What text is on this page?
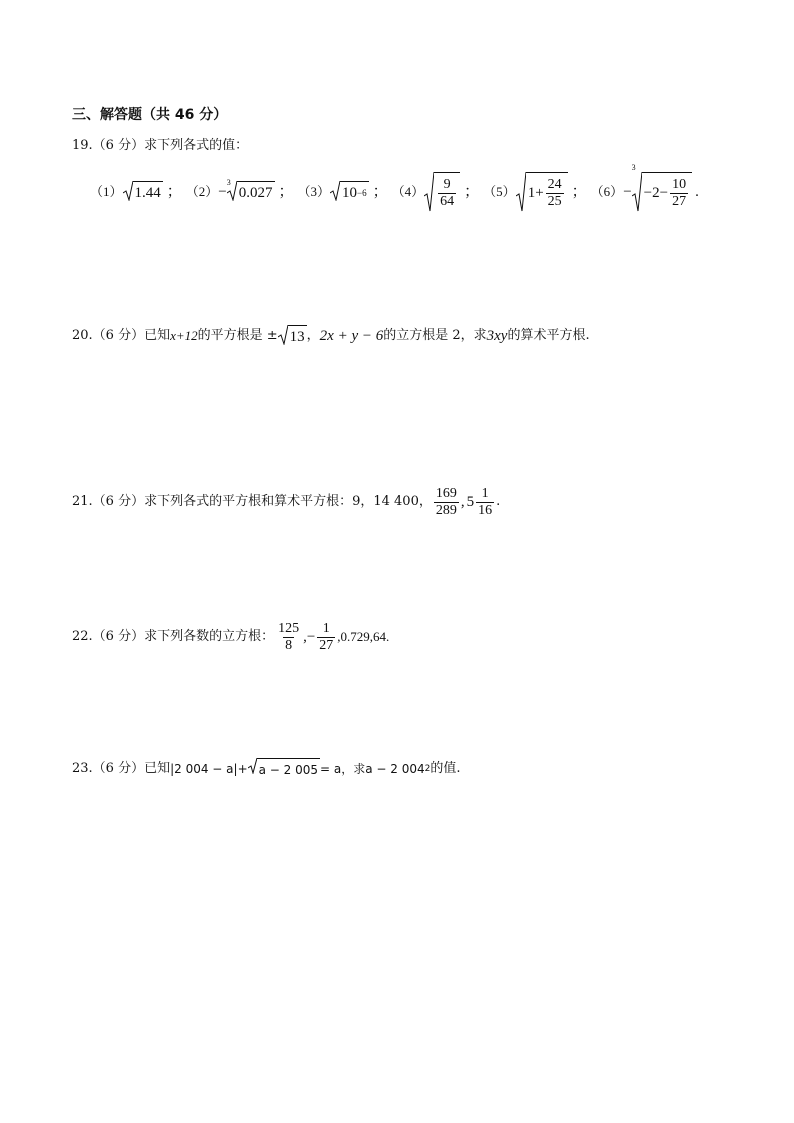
三、解答题（共 46 分）
19.（6 分）求下列各式的值：
（1） 1.44 ； （2） −
3
0.027 ； （3） 10 −6 ； $(4) \frac{9}{64}$ ； （5） $1+ \frac{24}{25}$ ； （6） −
3
$-2- \frac{10}{27}$ .
20.（6 分）已知 x+12 的平方根是 ± 13 ， 2x + y − 6 的立方根是 2，求 3xy 的算术平方根.
21.（6 分）求下列各式的平方根和算术平方根：9，14 400， $\frac{169}{289}$ , $5 \frac{1}{16}$ .
22.（6 分）求下列各数的立方根： $\frac{125}{8}$ ,− $\frac{1}{27} ,0.729,64$.
23.（6 分）已知 |2 004 − a| + a − 2 005 = a，求 a − 2 004 2 的值.
